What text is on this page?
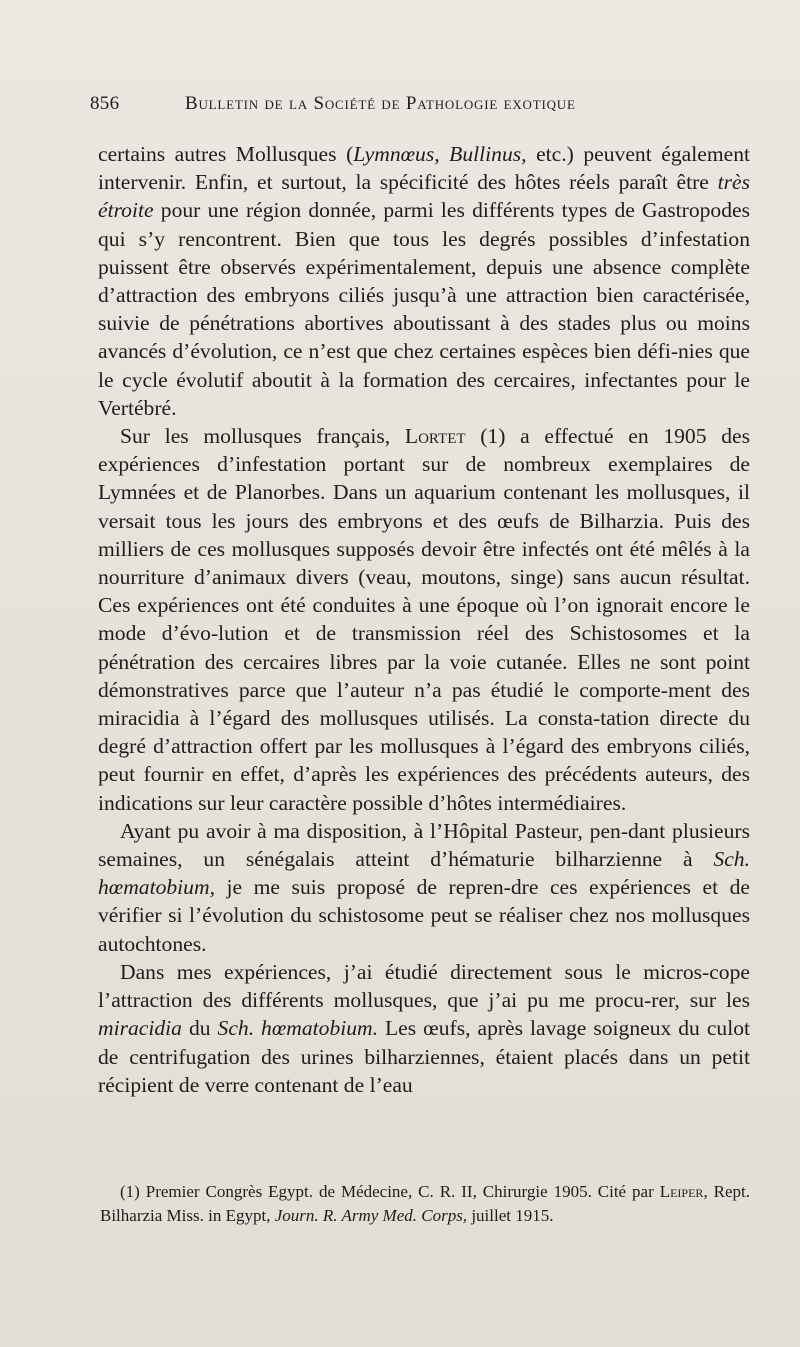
856	Bulletin de la Société de Pathologie exotique

certains autres Mollusques (Lymnœus, Bullinus, etc.) peuvent également intervenir. Enfin, et surtout, la spécificité des hôtes réels paraît être très étroite pour une région donnée, parmi les différents types de Gastropodes qui s’y rencontrent. Bien que tous les degrés possibles d’infestation puissent être observés expérimentalement, depuis une absence complète d’attraction des embryons ciliés jusqu’à une attraction bien caractérisée, suivie de pénétrations abortives aboutissant à des stades plus ou moins avancés d’évolution, ce n’est que chez certaines espèces bien défi-nies que le cycle évolutif aboutit à la formation des cercaires, infectantes pour le Vertébré.

Sur les mollusques français, Lortet (1) a effectué en 1905 des expériences d’infestation portant sur de nombreux exemplaires de Lymnées et de Planorbes. Dans un aquarium contenant les mollusques, il versait tous les jours des embryons et des œufs de Bilharzia. Puis des milliers de ces mollusques supposés devoir être infectés ont été mêlés à la nourriture d’animaux divers (veau, moutons, singe) sans aucun résultat. Ces expériences ont été conduites à une époque où l’on ignorait encore le mode d’évo-lution et de transmission réel des Schistosomes et la pénétration des cercaires libres par la voie cutanée. Elles ne sont point démonstratives parce que l’auteur n’a pas étudié le comporte-ment des miracidia à l’égard des mollusques utilisés. La consta-tation directe du degré d’attraction offert par les mollusques à l’égard des embryons ciliés, peut fournir en effet, d’après les expériences des précédents auteurs, des indications sur leur caractère possible d’hôtes intermédiaires.

Ayant pu avoir à ma disposition, à l’Hôpital Pasteur, pen-dant plusieurs semaines, un sénégalais atteint d’hématurie bilharzienne à Sch. hœmatobium, je me suis proposé de repren-dre ces expériences et de vérifier si l’évolution du schistosome peut se réaliser chez nos mollusques autochtones.

Dans mes expériences, j’ai étudié directement sous le micros-cope l’attraction des différents mollusques, que j’ai pu me procu-rer, sur les miracidia du Sch. hœmatobium. Les œufs, après lavage soigneux du culot de centrifugation des urines bilharziennes, étaient placés dans un petit récipient de verre contenant de l’eau

(1) Premier Congrès Egypt. de Médecine, C. R. II, Chirurgie 1905. Cité par Leiper, Rept. Bilharzia Miss. in Egypt, Journ. R. Army Med. Corps, juillet 1915.
